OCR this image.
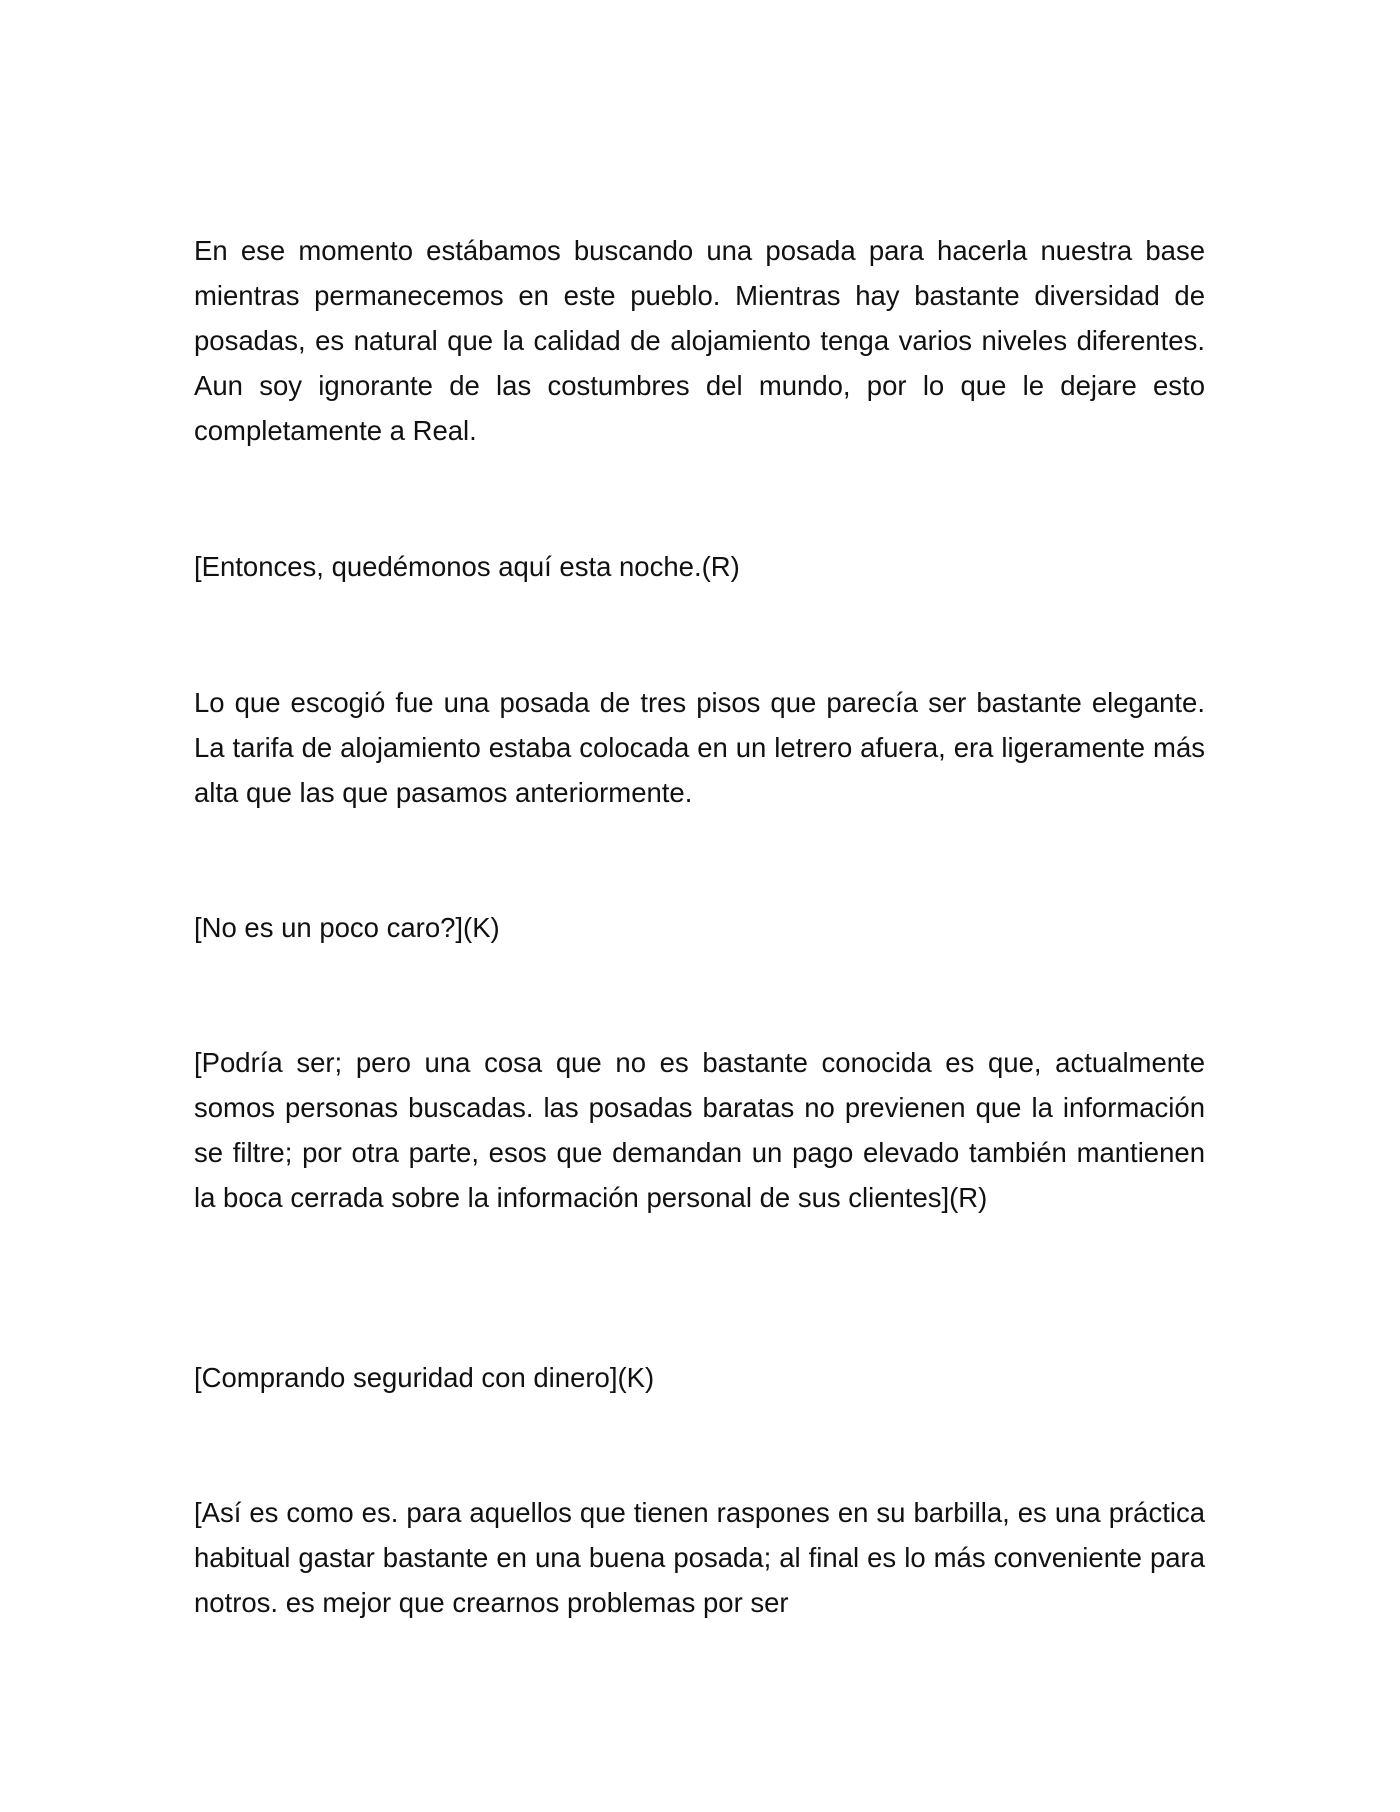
En ese momento estábamos buscando una posada para hacerla nuestra base mientras permanecemos en este pueblo. Mientras hay bastante diversidad de posadas, es natural que la calidad de alojamiento tenga varios niveles diferentes. Aun soy ignorante de las costumbres del mundo, por lo que le dejare esto completamente a Real.

[Entonces, quedémonos aquí esta noche.(R)

Lo que escogió fue una posada de tres pisos que parecía ser bastante elegante. La tarifa de alojamiento estaba colocada en un letrero afuera, era ligeramente más alta que las que pasamos anteriormente.

[No es un poco caro?](K)

[Podría ser; pero una cosa que no es bastante conocida es que, actualmente somos personas buscadas. las posadas baratas no previenen que la información se filtre; por otra parte, esos que demandan un pago elevado también mantienen la boca cerrada sobre la información personal de sus clientes](R)

[Comprando seguridad con dinero](K)

[Así es como es. para aquellos que tienen raspones en su barbilla, es una práctica habitual gastar bastante en una buena posada; al final es lo más conveniente para notros. es mejor que crearnos problemas por ser
